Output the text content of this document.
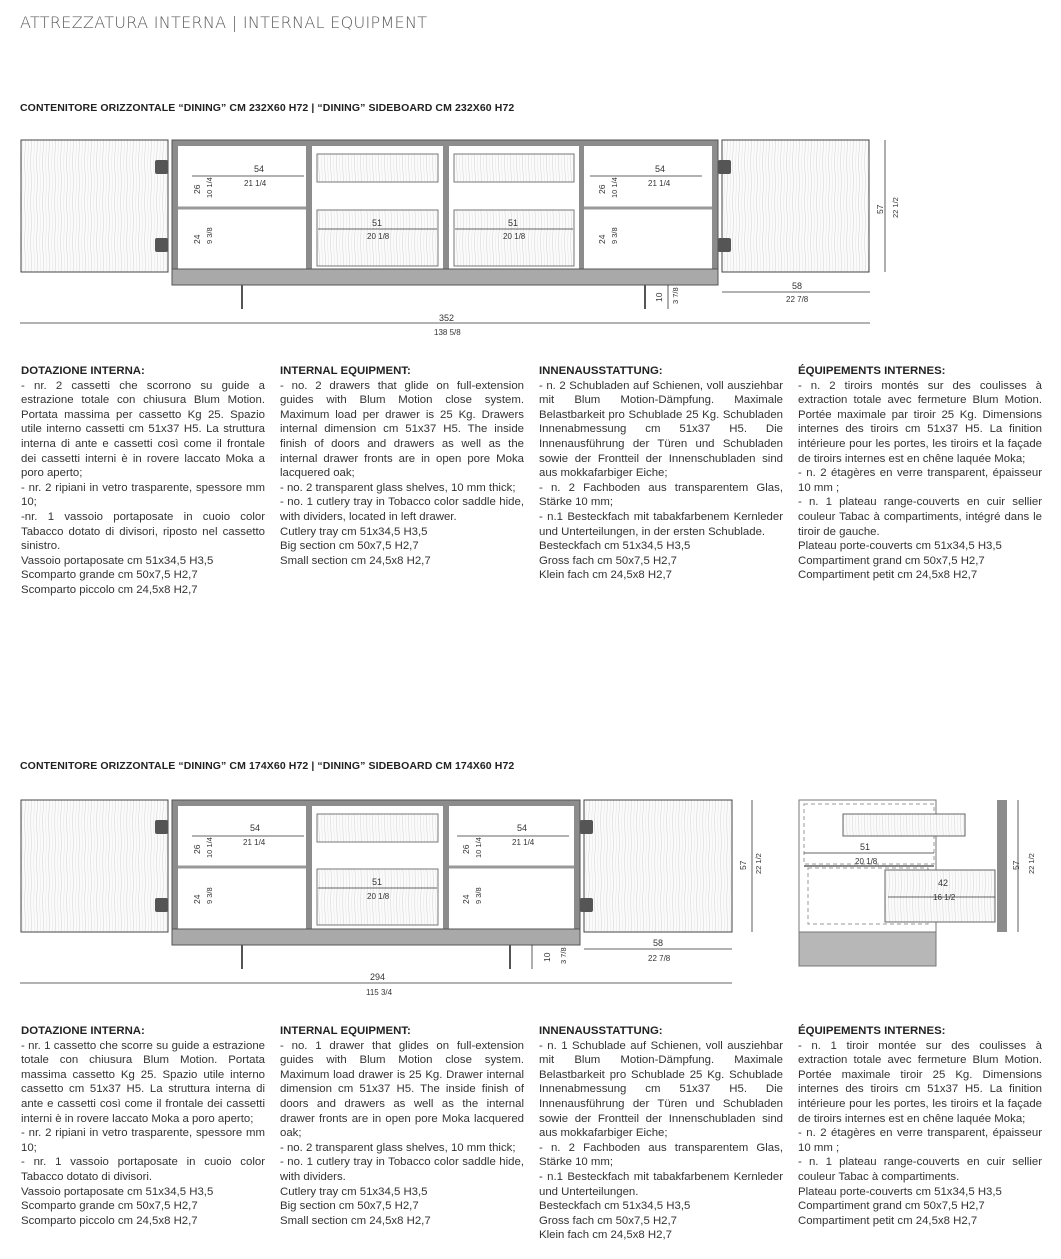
ATTREZZATURA INTERNA | INTERNAL EQUIPMENT
CONTENITORE ORIZZONTALE “DINING” CM 232X60 H72 | “DINING” SIDEBOARD CM 232X60 H72
54
21 1/4
54
21 1/4
51
20 1/8
51
20 1/8
26 10 1/4
24 9 3/8
26 10 1/4
24 9 3/8
57 22 1/2
58
22 7/8
10 3 7/8
352
138 5/8
DOTAZIONE INTERNA:
- nr. 2 cassetti che scorrono su guide a estrazione totale con chiusura Blum Motion. Portata massima per cassetto Kg 25. Spazio utile interno cassetti cm 51x37 H5. La struttura interna di ante e cassetti così come il frontale dei cassetti interni è in rovere laccato Moka a poro aperto;
- nr. 2 ripiani in vetro trasparente, spessore mm 10;
-nr. 1 vassoio portaposate in cuoio color Tabacco dotato di divisori, riposto nel cassetto sinistro.
Vassoio portaposate cm 51x34,5 H3,5
Scomparto grande cm 50x7,5 H2,7
Scomparto piccolo cm 24,5x8 H2,7
INTERNAL EQUIPMENT:
- no. 2 drawers that glide on full-extension guides with Blum Motion close system. Maximum load per drawer is 25 Kg. Drawers internal dimension cm 51x37 H5. The inside finish of doors and drawers as well as the internal drawer fronts are in open pore Moka lacquered oak;
- no. 2 transparent glass shelves, 10 mm thick;
- no. 1 cutlery tray in Tobacco color saddle hide, with dividers, located in left drawer.
Cutlery tray cm 51x34,5 H3,5
Big section cm 50x7,5 H2,7
Small section cm 24,5x8 H2,7
INNENAUSSTATTUNG:
- n. 2 Schubladen auf Schienen, voll ausziehbar mit Blum Motion-Dämpfung. Maximale Belastbarkeit pro Schublade 25 Kg. Schubladen Innenabmessung cm 51x37 H5. Die Innenausführung der Türen und Schubladen sowie der Frontteil der Innenschubladen sind aus mokkafarbiger Eiche;
- n. 2 Fachboden aus transparentem Glas, Stärke 10 mm;
- n.1 Besteckfach mit tabakfarbenem Kernleder und Unterteilungen, in der ersten Schublade.
Besteckfach cm 51x34,5 H3,5
Gross fach cm 50x7,5 H2,7
Klein fach cm 24,5x8 H2,7
ÉQUIPEMENTS INTERNES:
- n. 2 tiroirs montés sur des coulisses à extraction totale avec fermeture Blum Motion. Portée maximale par tiroir 25 Kg. Dimensions internes des tiroirs cm 51x37 H5. La finition intérieure pour les portes, les tiroirs et la façade de tiroirs internes est en chêne laquée Moka;
- n. 2 étagères en verre transparent, épaisseur 10 mm ;
- n. 1 plateau range-couverts en cuir sellier couleur Tabac à compartiments, intégré dans le tiroir de gauche.
Plateau porte-couverts cm 51x34,5 H3,5
Compartiment grand cm 50x7,5 H2,7
Compartiment petit cm 24,5x8 H2,7
CONTENITORE ORIZZONTALE “DINING” CM 174X60 H72 | “DINING” SIDEBOARD CM 174X60 H72
54
21 1/4
54
21 1/4
51
20 1/8
26 10 1/4
24 9 3/8
26 10 1/4
24 9 3/8
57 22 1/2
58
22 7/8
10 3 7/8
294
115 3/4
51
20 1/8
42
16 1/2
57 22 1/2
DOTAZIONE INTERNA:
- nr. 1 cassetto che scorre su guide a estrazione totale con chiusura Blum Motion. Portata massima cassetto Kg 25. Spazio utile interno cassetto cm 51x37 H5. La struttura interna di ante e cassetti così come il frontale dei cassetti interni è in rovere laccato Moka a poro aperto;
- nr. 2 ripiani in vetro trasparente, spessore mm 10;
- nr. 1 vassoio portaposate in cuoio color Tabacco dotato di divisori.
Vassoio portaposate cm 51x34,5 H3,5
Scomparto grande cm 50x7,5 H2,7
Scomparto piccolo cm 24,5x8 H2,7
INTERNAL EQUIPMENT:
- no. 1 drawer that glides on full-extension guides with Blum Motion close system. Maximum load drawer is 25 Kg. Drawer internal dimension cm 51x37 H5. The inside finish of doors and drawers as well as the internal drawer fronts are in open pore Moka lacquered oak;
- no. 2 transparent glass shelves, 10 mm thick;
- no. 1 cutlery tray in Tobacco color saddle hide, with dividers.
Cutlery tray cm 51x34,5 H3,5
Big section cm 50x7,5 H2,7
Small section cm 24,5x8 H2,7
INNENAUSSTATTUNG:
- n. 1 Schublade auf Schienen, voll ausziehbar mit Blum Motion-Dämpfung. Maximale Belastbarkeit pro Schublade 25 Kg. Schublade Innenabmessung cm 51x37 H5. Die Innenausführung der Türen und Schubladen sowie der Frontteil der Innenschubladen sind aus mokkafarbiger Eiche;
- n. 2 Fachboden aus transparentem Glas, Stärke 10 mm;
- n.1 Besteckfach mit tabakfarbenem Kernleder und Unterteilungen.
Besteckfach cm 51x34,5 H3,5
Gross fach cm 50x7,5 H2,7
Klein fach cm 24,5x8 H2,7
ÉQUIPEMENTS INTERNES:
- n. 1 tiroir montée sur des coulisses à extraction totale avec fermeture Blum Motion. Portée maximale tiroir 25 Kg. Dimensions internes des tiroirs cm 51x37 H5. La finition intérieure pour les portes, les tiroirs et la façade de tiroirs internes est en chêne laquée Moka;
- n. 2 étagères en verre transparent, épaisseur 10 mm ;
- n. 1 plateau range-couverts en cuir sellier couleur Tabac à compartiments.
Plateau porte-couverts cm 51x34,5 H3,5
Compartiment grand cm 50x7,5 H2,7
Compartiment petit cm 24,5x8 H2,7
